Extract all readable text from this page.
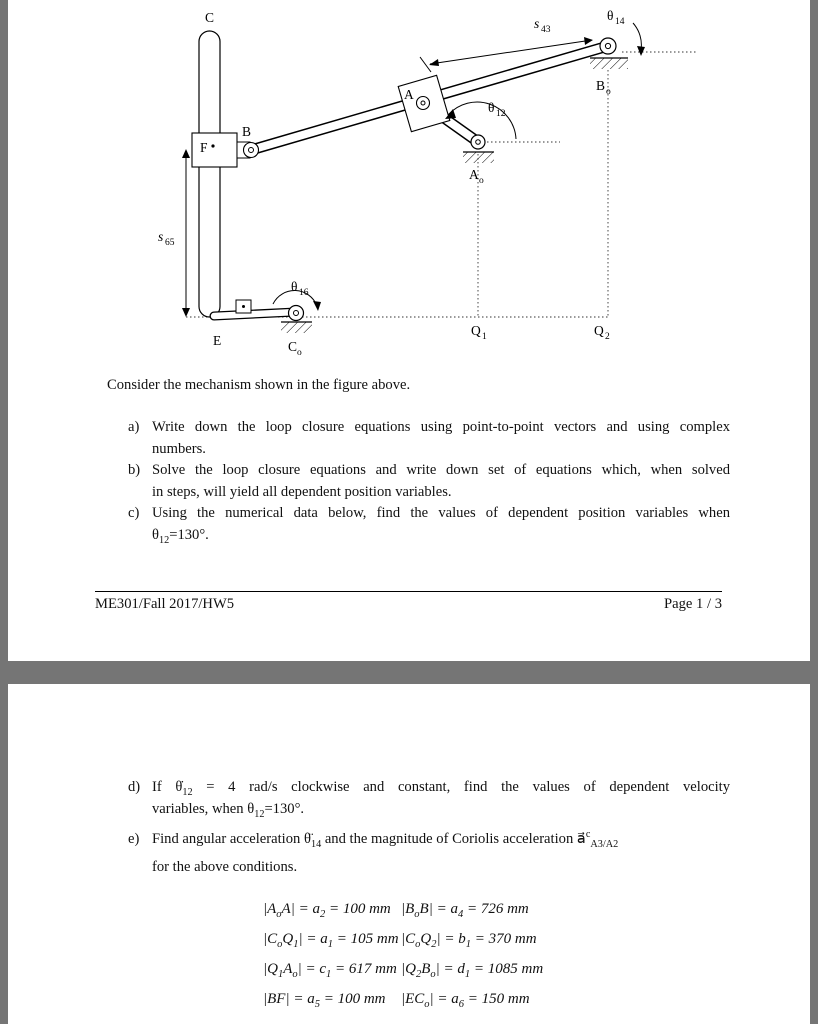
C
B
F
A
E
A o
B o
C o
Q 1	Q 2
s 43
s 65
θ 14
θ 12
θ 16
Consider the mechanism shown in the figure above.
a) Write down the loop closure equations using point-to-point vectors and using complex
numbers.
b) Solve the loop closure equations and write down set of equations which, when solved
in steps, will yield all dependent position variables.
c) Using the numerical data below, find the values of dependent position variables when
$\theta_{12}=130^\circ$.
ME301/Fall 2017/HW5	Page 1 / 3
d) If $\thetȧ_{12} = 4$ rad/s clockwise and constant, find the values of dependent velocity
variables, when $\theta_{12}=130^\circ$.
e) Find angular acceleration $\thetä_{14}$ and the magnitude of Coriolis acceleration a⃗$^c_{A3/A2}$
for the above conditions.
$|A_oA| = a_2 = 100$ mm $|B_oB| = a_4 = 726$ mm
$|C_oQ_1| = a_1 = 105$ mm $|C_oQ_2| = b_1 = 370$ mm
$|Q_1A_o| = c_1 = 617$ mm $|Q_2B_o| = d_1 = 1085$ mm
$|BF| = a_5 = 100$ mm	$|EC_o| = a_6 = 150$ mm
